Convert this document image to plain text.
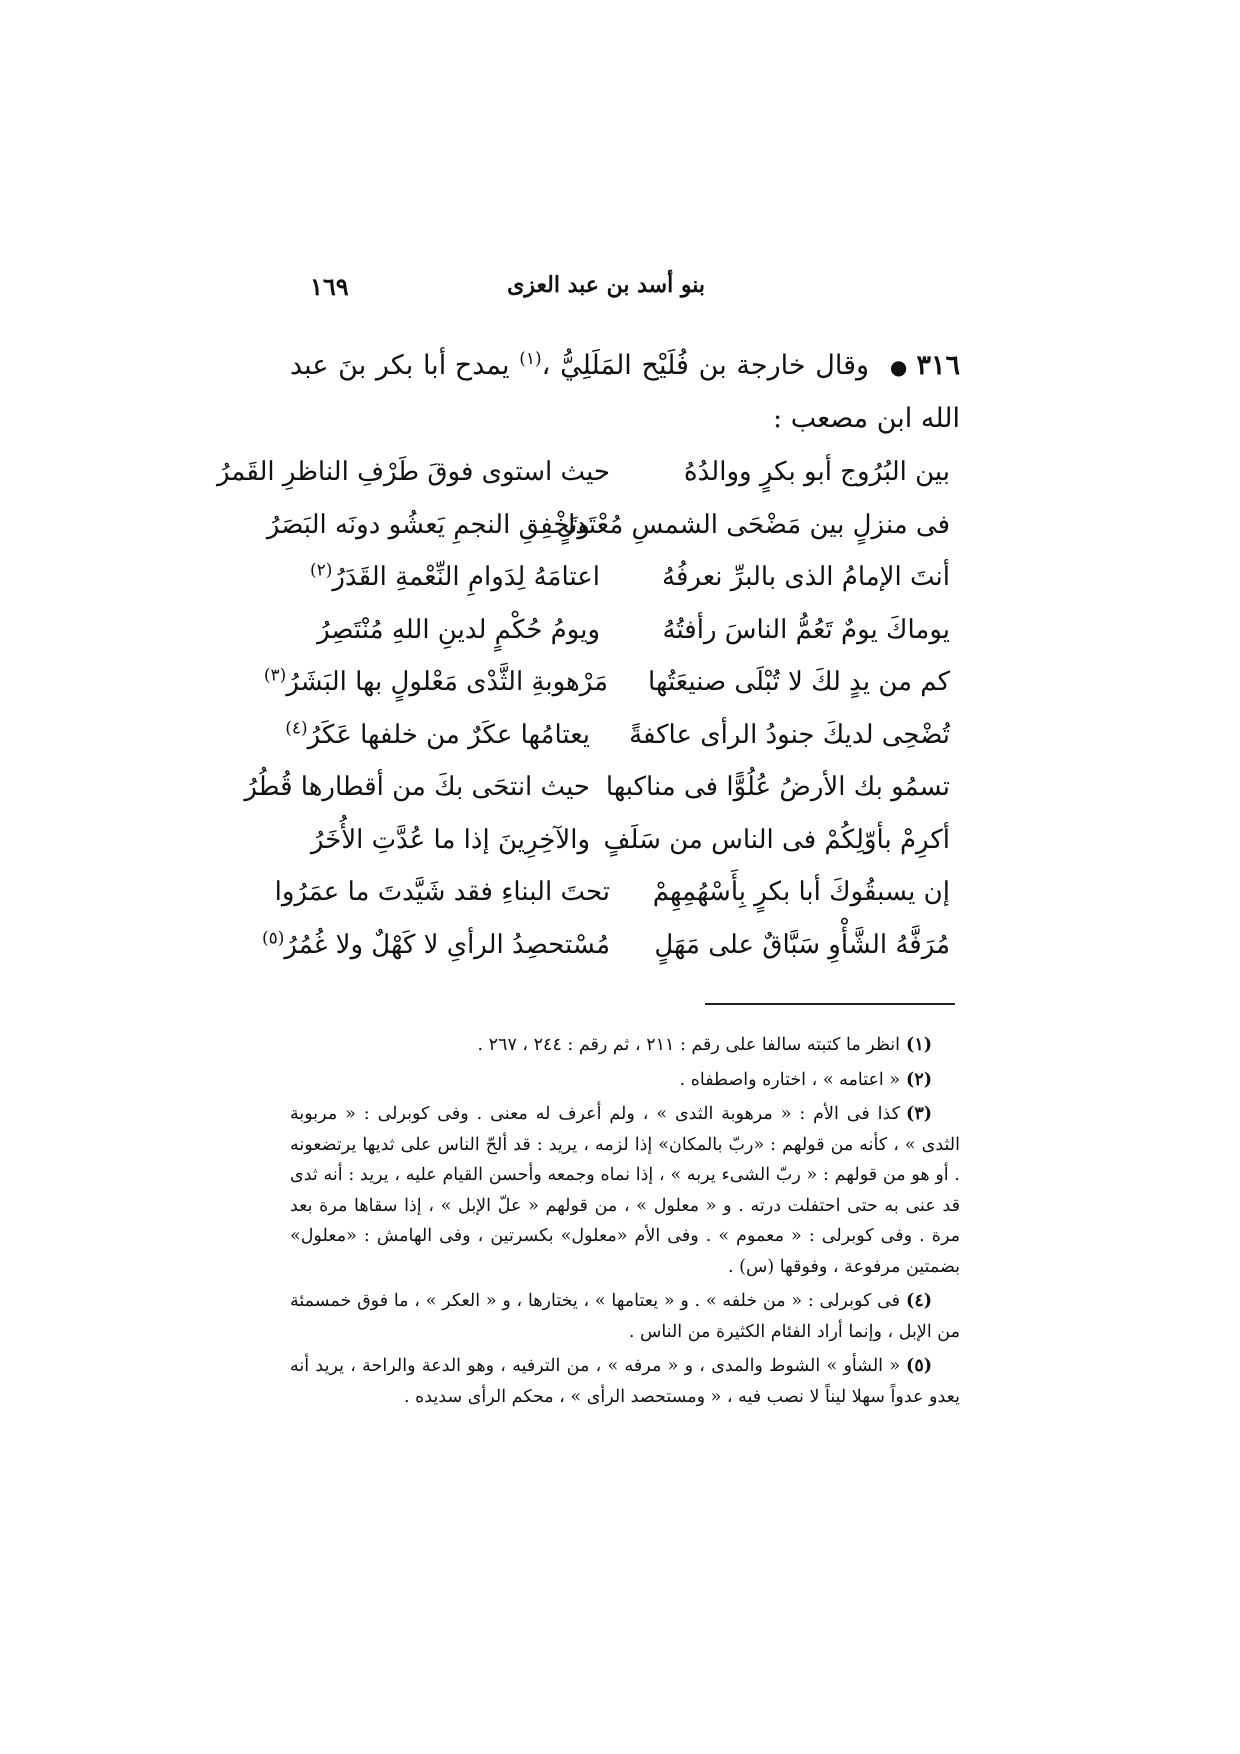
بنو أسد بن عبد العزى
١٦٩
٣١٦● وقال خارجة بن فُلَيْح المَلَلِيُّ ،$^{(١)}$ يمدح أبا بكر بنَ عبد الله ابن مصعب :
بين البُرُوج أبو بكرٍ ووالدُهُ
حيث استوى فوقَ طَرْفِ الناظرِ القَمرُ
فى منزلٍ بين مَضْحَى الشمسِ مُعْتَدِلٍ
وتَخْفِقِ النجمِ يَعشُو دونَه البَصَرُ
أنتَ الإمامُ الذى بالبرِّ نعرفُهُ
اعتامَهُ لِدَوامِ النِّعْمةِ القَدَرُ$^{(٢)}$
يوماكَ يومٌ تَعُمُّ الناسَ رأفتُهُ
ويومُ حُكْمٍ لدينِ اللهِ مُنْتَصِرُ
كم من يدٍ لكَ لا تُبْلَى صنيعَتُها
مَرْهوبةِ الثَّدْى مَعْلولٍ بها البَشَرُ$^{(٣)}$
تُضْحِى لديكَ جنودُ الرأى عاكفةً
يعتامُها عكَرٌ من خلفها عَكَرُ$^{(٤)}$
تسمُو بك الأرضُ عُلُوًّا فى مناكبها
حيث انتحَى بكَ من أقطارها قُطُرُ
أكرِمْ بأوّلِكُمْ فى الناس من سَلَفٍ
والآخِرِينَ إذا ما عُدَّتِ الأُخَرُ
إن يسبقُوكَ أبا بكرٍ بِأَسْهُمِهِمْ
تحتَ البناءِ فقد شَيَّدتَ ما عمَرُوا
مُرَفَّهُ الشَّأْوِ سَبَّاقٌ على مَهَلٍ
مُسْتحصِدُ الرأىِ لا كَهْلٌ ولا غُمُرُ$^{(٥)}$

(١)انظر ما كتبته سالفا على رقم : ٢١١ ، ثم رقم : ٢٤٤ ، ٢٦٧ .

(٢)« اعتامه » ، اختاره واصطفاه .

(٣)كذا فى الأم : « مرهوبة الثدى » ، ولم أعرف له معنى . وفى كوبرلى : « مربوبة الثدى » ، كأنه من قولهم : «ربّ بالمكان» إذا لزمه ، يريد : قد ألحّ الناس على ثديها يرتضعونه . أو هو من قولهم : « ربّ الشىء يربه » ، إذا نماه وجمعه وأحسن القيام عليه ، يريد : أنه ثدى قد عنى به حتى احتفلت درته . و « معلول » ، من قولهم « علّ الإبل » ، إذا سقاها مرة بعد مرة . وفى كوبرلى : « معموم » . وفى الأم «معلول» بكسرتين ، وفى الهامش : «معلول» بضمتين مرفوعة ، وفوقها (س) .

(٤)فى كوبرلى : « من خلفه » . و « يعتامها » ، يختارها ، و « العكر » ، ما فوق خمسمئة من الإبل ، وإنما أراد الفئام الكثيرة من الناس .

(٥)« الشأو » الشوط والمدى ، و « مرفه » ، من الترفيه ، وهو الدعة والراحة ، يريد أنه يعدو عدواً سهلا ليناً لا نصب فيه ، « ومستحصد الرأى » ، محكم الرأى سديده .
